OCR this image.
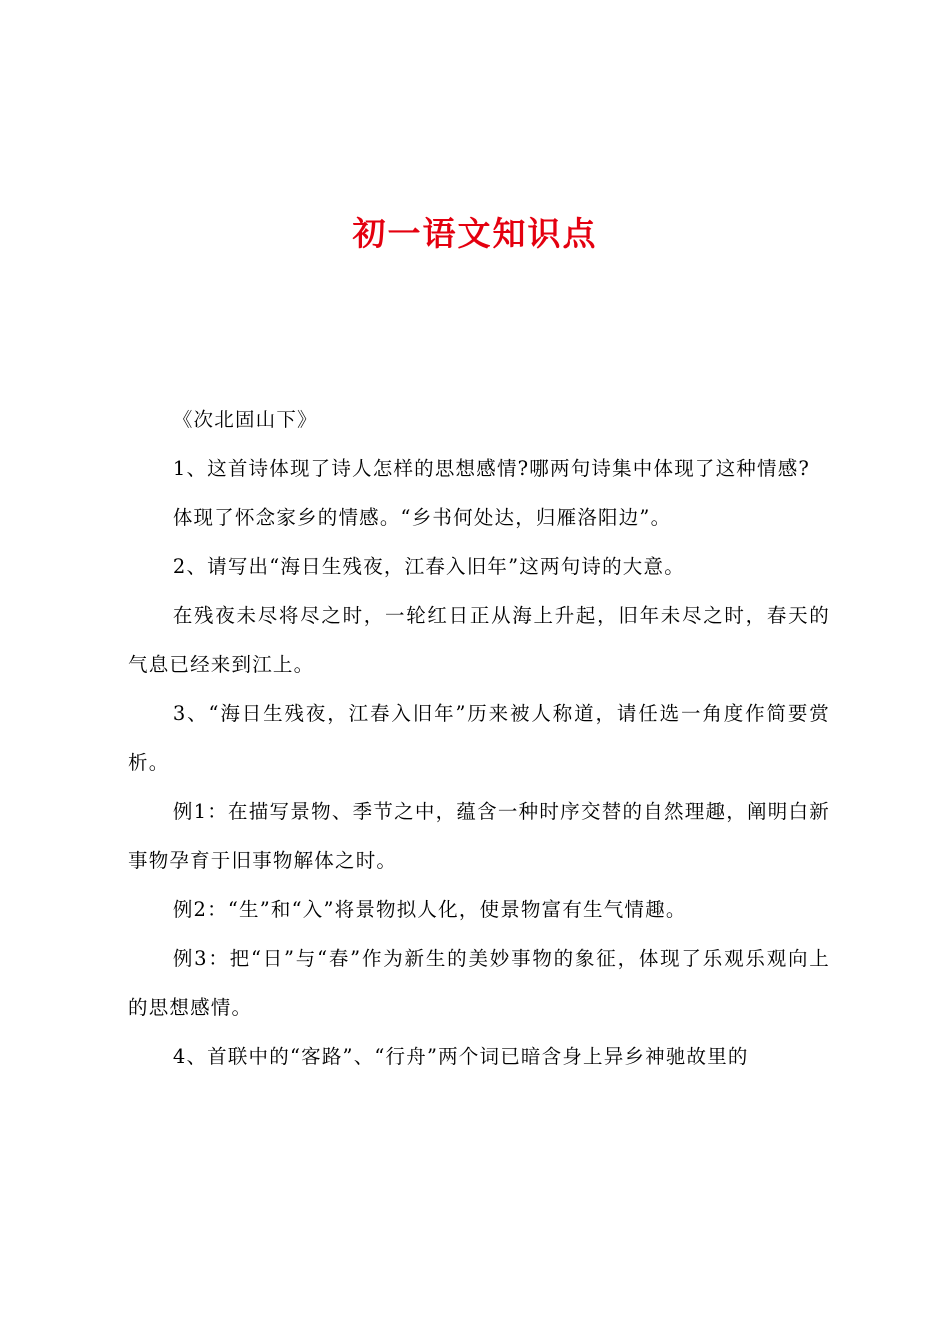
初一语文知识点

《次北固山下》

1、这首诗体现了诗人怎样的思想感情?哪两句诗集中体现了这种情感?

体现了怀念家乡的情感。“乡书何处达，归雁洛阳边”。

2、请写出“海日生残夜，江春入旧年”这两句诗的大意。

在残夜未尽将尽之时，一轮红日正从海上升起，旧年未尽之时，春天的气息已经来到江上。

3、“海日生残夜，江春入旧年”历来被人称道，请任选一角度作简要赏析。

例1：在描写景物、季节之中，蕴含一种时序交替的自然理趣，阐明白新事物孕育于旧事物解体之时。

例2：“生”和“入”将景物拟人化，使景物富有生气情趣。

例3：把“日”与“春”作为新生的美妙事物的象征，体现了乐观乐观向上的思想感情。

4、首联中的“客路”、“行舟”两个词已暗含身上异乡神驰故里的
